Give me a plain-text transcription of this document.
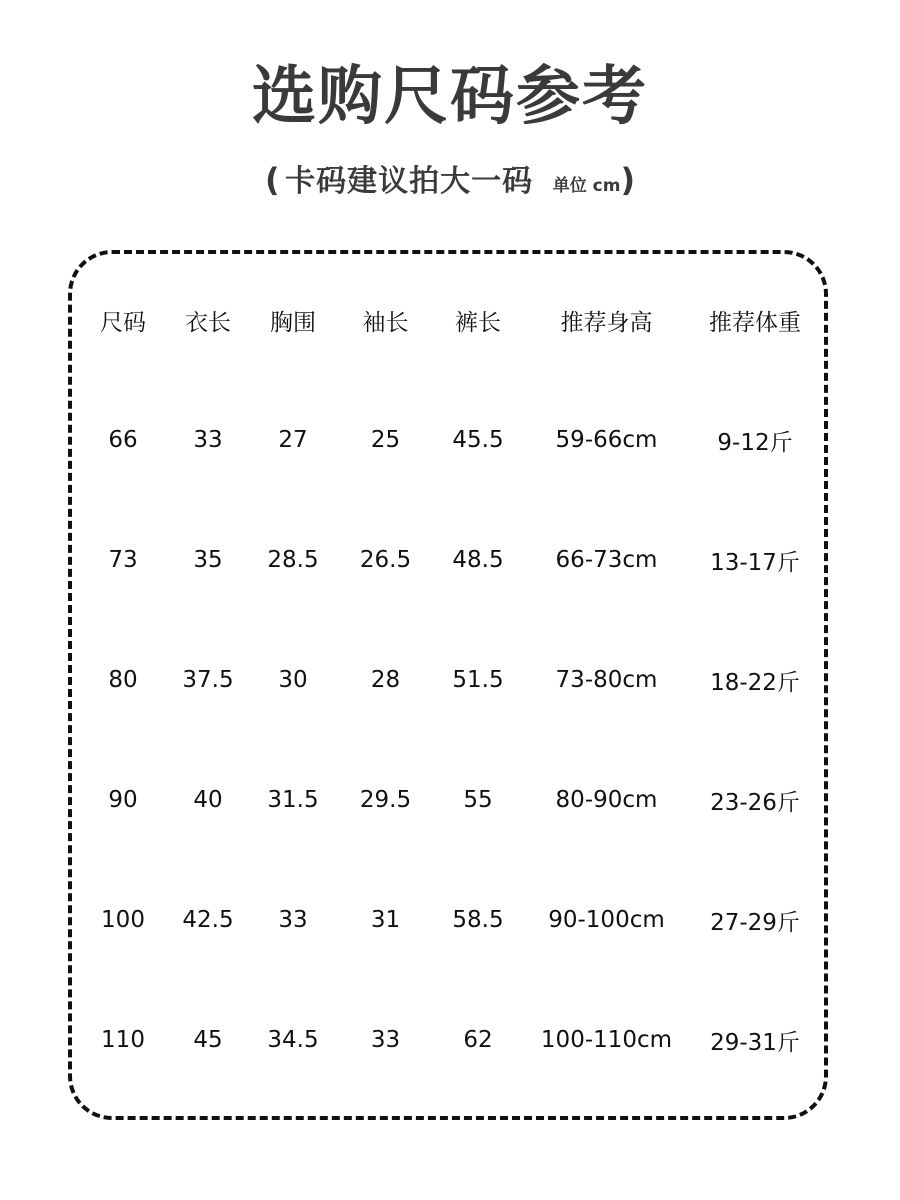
选购尺码参考
( 卡码建议拍大一码 单位 cm)
尺码	衣长	胸围	袖长	裤长	推荐身高	推荐体重
66	33	27	25	45.5	59-66cm	9-12斤
73	35	28.5	26.5	48.5	66-73cm	13-17斤
80	37.5	30	28	51.5	73-80cm	18-22斤
90	40	31.5	29.5	55	80-90cm	23-26斤
100	42.5	33	31	58.5	90-100cm	27-29斤
110	45	34.5	33	62	100-110cm	29-31斤
